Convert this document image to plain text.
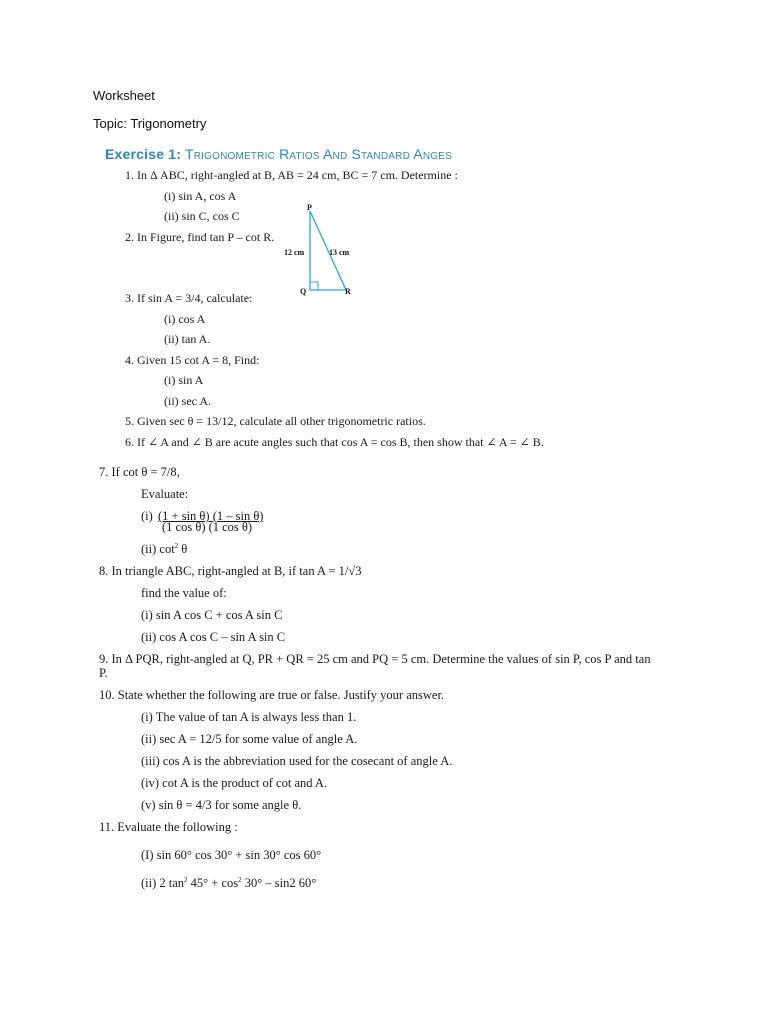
Worksheet
Topic: Trigonometry
Exercise 1: Trigonometric Ratios And Standard Anges
1. In Δ ABC, right-angled at B, AB = 24 cm, BC = 7 cm. Determine :
(i) sin A, cos A
(ii) sin C, cos C
2. In Figure, find tan P – cot R.
P
Q	R
12 cm	13 cm
3. If sin A = 3/4, calculate:
(i) cos A
(ii) tan A.
4. Given 15 cot A = 8, Find:
(i) sin A
(ii) sec A.
5. Given sec θ = 13/12, calculate all other trigonometric ratios.
6. If ∠ A and ∠ B are acute angles such that cos A = cos B, then show that ∠ A = ∠ B.
7. If cot θ = 7/8,
Evaluate:
(i) (1 + sin θ) (1 – sin θ)
(1 cos θ) (1 cos θ)
(ii) $\cot^2 \theta$
8. In triangle ABC, right-angled at B, if tan A = 1/√3
find the value of:
(i) sin A cos C + cos A sin C
(ii) cos A cos C – sin A sin C
9. In Δ PQR, right-angled at Q, PR + QR = 25 cm and PQ = 5 cm. Determine the values of sin P, cos P and tan P.
10. State whether the following are true or false. Justify your answer.
(i) The value of tan A is always less than 1.
(ii) sec A = 12/5 for some value of angle A.
(iii) cos A is the abbreviation used for the cosecant of angle A.
(iv) cot A is the product of cot and A.
(v) sin θ = 4/3 for some angle θ.
11. Evaluate the following :
(I) sin 60° cos 30° + sin 30° cos 60°
(ii) 2 $\tan^2 45^\circ + \cos^2 30^\circ - \sin 2$ 60°
